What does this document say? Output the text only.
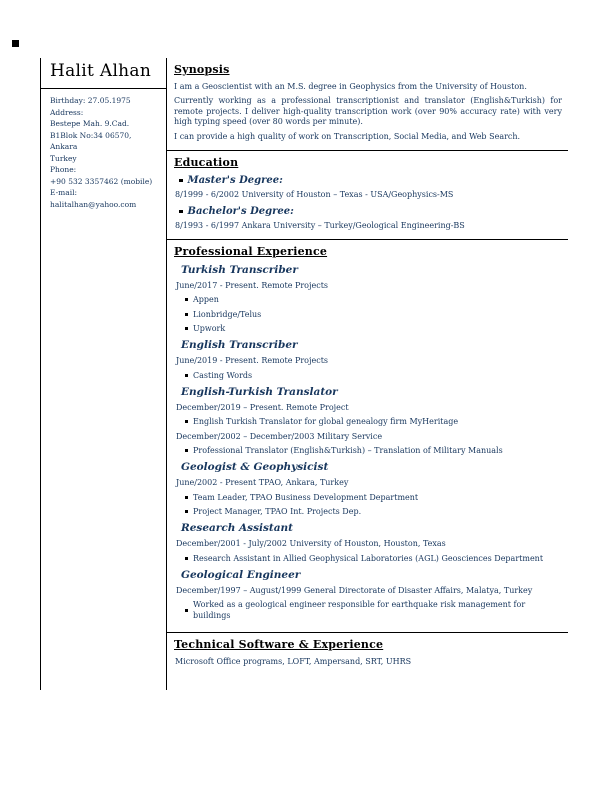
Halit Alhan
Birthday: 27.05.1975
Address:
Bestepe Mah. 9.Cad.
B1Blok No:34 06570,
Ankara
Turkey
Phone:
+90 532 3357462 (mobile)
E-mail:
halitalhan@yahoo.com
Synopsis

I am a Geoscientist with an M.S. degree in Geophysics from the University of Houston.

Currently working as a professional transcriptionist and translator (English&Turkish) for remote projects. I deliver high-quality transcription work (over 90% accuracy rate) with very high typing speed (over 80 words per minute).

I can provide a high quality of work on Transcription, Social Media, and Web Search.

Education
Master's Degree:
8/1999 - 6/2002 University of Houston – Texas - USA/Geophysics-MS
Bachelor's Degree:
8/1993 - 6/1997 Ankara University – Turkey/Geological Engineering-BS
Professional Experience
Turkish Transcriber
June/2017 - Present. Remote Projects
Appen
Lionbridge/Telus
Upwork
English Transcriber
June/2019 - Present. Remote Projects
Casting Words
English-Turkish Translator
December/2019 – Present. Remote Project
English Turkish Translator for global genealogy firm MyHeritage
December/2002 – December/2003 Military Service
Professional Translator (English&Turkish) – Translation of Military Manuals
Geologist & Geophysicist
June/2002 - Present TPAO, Ankara, Turkey
Team Leader, TPAO Business Development Department
Project Manager, TPAO Int. Projects Dep.
Research Assistant
December/2001 - July/2002 University of Houston, Houston, Texas
Research Assistant in Allied Geophysical Laboratories (AGL) Geosciences Department
Geological Engineer
December/1997 – August/1999 General Directorate of Disaster Affairs, Malatya, Turkey
Worked as a geological engineer responsible for earthquake risk management for buildings
Technical Software & Experience
Microsoft Office programs, LOFT, Ampersand, SRT, UHRS
